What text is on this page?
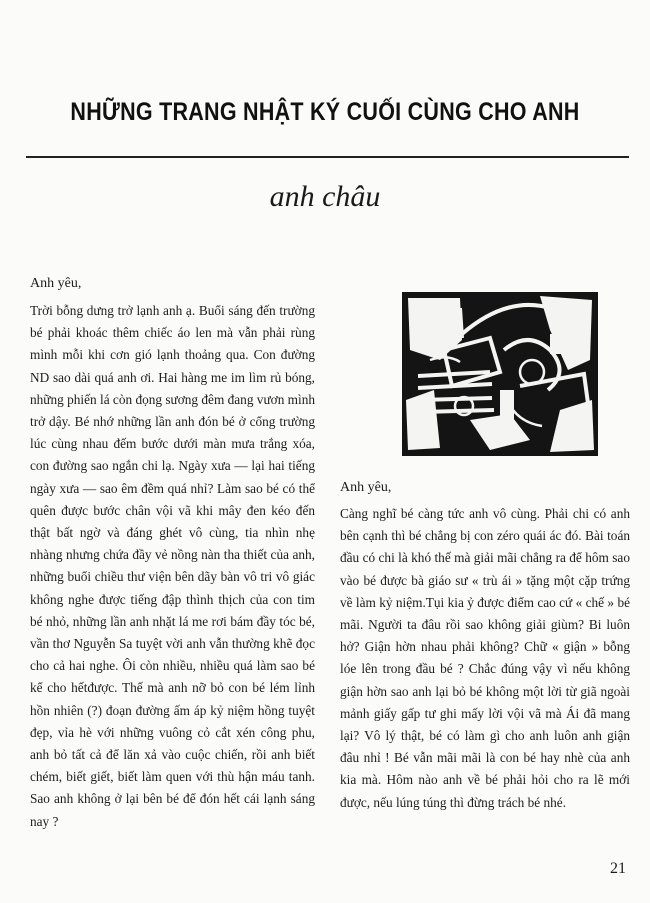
NHỮNG TRANG NHẬT KÝ CUỐI CÙNG CHO ANH
anh châu

Anh yêu,

Trời bỗng dưng trở lạnh anh ạ. Buổi sáng đến trường bé phải khoác thêm chiếc áo len mà vẫn phải rùng mình mỗi khi cơn gió lạnh thoảng qua. Con đường ND sao dài quá anh ơi. Hai hàng me im lìm rủ bóng, những phiến lá còn đọng sương đêm đang vươn mình trở dậy. Bé nhớ những lần anh đón bé ở cổng trường lúc cùng nhau đếm bước dưới màn mưa trắng xóa, con đường sao ngắn chi lạ. Ngày xưa — lại hai tiếng ngày xưa — sao êm đềm quá nhỉ? Làm sao bé có thể quên được bước chân vội vã khi mây đen kéo đến thật bất ngờ và đáng ghét vô cùng, tia nhìn nhẹ nhàng nhưng chứa đầy vẻ nồng nàn tha thiết của anh, những buổi chiều thư viện bên dãy bàn vô tri vô giác không nghe được tiếng đập thình thịch của con tim bé nhỏ, những lần anh nhặt lá me rơi bám đầy tóc bé, vần thơ Nguyễn Sa tuyệt vời anh vẫn thường khẽ đọc cho cả hai nghe. Ôi còn nhiều, nhiều quá làm sao bé kể cho hếtđược. Thế mà anh nỡ bỏ con bé lém lỉnh hồn nhiên (?) đoạn đường ấm áp kỷ niệm hồng tuyệt đẹp, vỉa hè với những vuông cỏ cắt xén công phu, anh bỏ tất cả để lăn xả vào cuộc chiến, rồi anh biết chém, biết giết, biết làm quen với thù hận máu tanh. Sao anh không ở lại bên bé để đón hết cái lạnh sáng nay ?

Anh yêu,

Càng nghĩ bé càng tức anh vô cùng. Phải chi có anh bên cạnh thì bé chẳng bị con zéro quái ác đó. Bài toán đầu có chi là khó thế mà giải mãi chẳng ra để hôm sao vào bé được bà giáo sư « trù ái » tặng một cặp trứng về làm kỷ niệm.Tụi kia ỷ được điểm cao cứ « chế » bé mãi. Người ta đâu rồi sao không giải giùm? Bi luôn hở? Giận hờn nhau phải không? Chữ « giận » bỗng lóe lên trong đầu bé ? Chắc đúng vậy vì nếu không giận hờn sao anh lại bỏ bé không một lời từ giã ngoài mảnh giấy gấp tư ghi mấy lời vội vã mà Ái đã mang lại? Vô lý thật, bé có làm gì cho anh luôn anh giận đâu nhỉ ! Bé vẫn mãi mãi là con bé hay nhè của anh kia mà. Hôm nào anh về bé phải hỏi cho ra lẽ mới được, nếu lúng túng thì đừng trách bé nhé.

21
